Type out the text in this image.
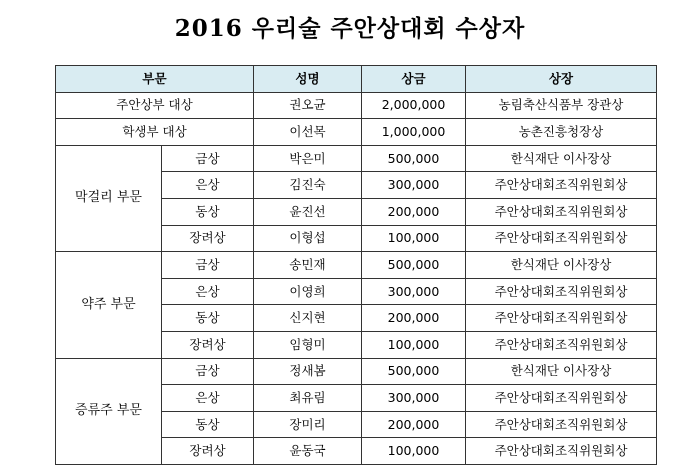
2016 우리술 주안상대회 수상자
부문		성명	상금	상장
주안상부 대상		권오균	2,000,000	농림축산식품부 장관상
학생부 대상		이선목	1,000,000	농촌진흥청장상
막걸리 부문	금상	박은미	500,000	한식재단 이사장상
	은상	김진숙	300,000	주안상대회조직위원회상
	동상	윤진선	200,000	주안상대회조직위원회상
	장려상	이형섭	100,000	주안상대회조직위원회상
약주 부문	금상	송민재	500,000	한식재단 이사장상
	은상	이영희	300,000	주안상대회조직위원회상
	동상	신지현	200,000	주안상대회조직위원회상
	장려상	임형미	100,000	주안상대회조직위원회상
증류주 부문	금상	정새봄	500,000	한식재단 이사장상
	은상	최유림	300,000	주안상대회조직위원회상
	동상	장미리	200,000	주안상대회조직위원회상
	장려상	윤동국	100,000	주안상대회조직위원회상
